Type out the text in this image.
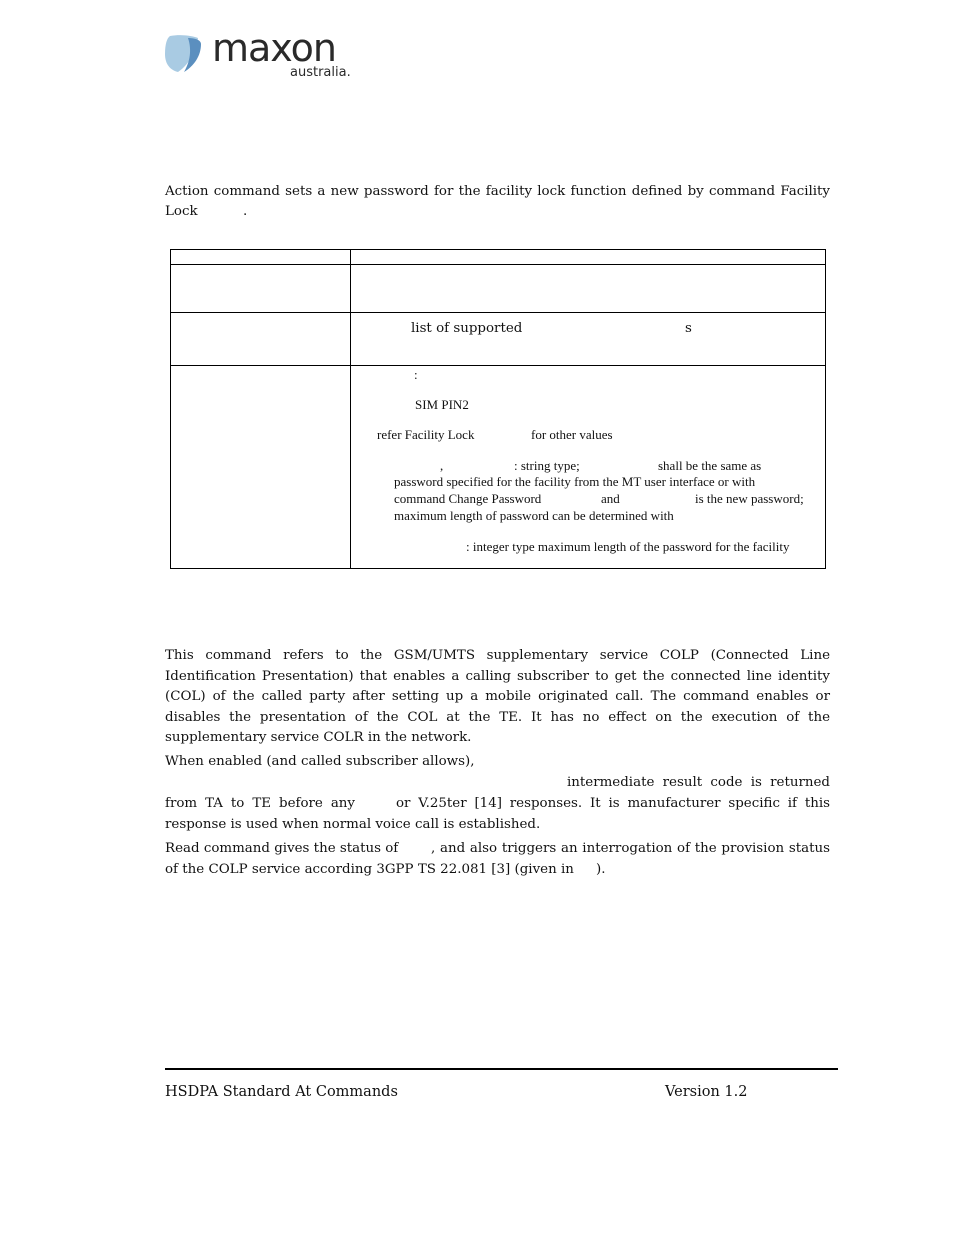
maxon
australia.
Action command sets a new password for the facility lock function defined by command Facility
Lock	.
list of supported	s
:
SIM PIN2
refer Facility Lock	for other values
,	: string type;	shall be the same as
password specified for the facility from the MT user interface or with
command Change Password	and	is the new password;
maximum length of password can be determined with
: integer type maximum length of the password for the facility
This command refers to the GSM/UMTS supplementary service COLP (Connected Line Identification Presentation) that enables a calling subscriber to get the connected line identity (COL) of the called party after setting up a mobile originated call. The command enables or disables the presentation of the COL at the TE. It has no effect on the execution of the supplementary service COLR in the network.
When enabled (and called subscriber allows),
intermediate result code is returned
from TA to TE before any	or V.25ter [14] responses. It is manufacturer specific if this
response is used when normal voice call is established.
Read command gives the status of , and also triggers an interrogation of the provision status
of the COLP service according 3GPP TS 22.081 [3] (given in ).
HSDPA Standard At Commands	Version 1.2
